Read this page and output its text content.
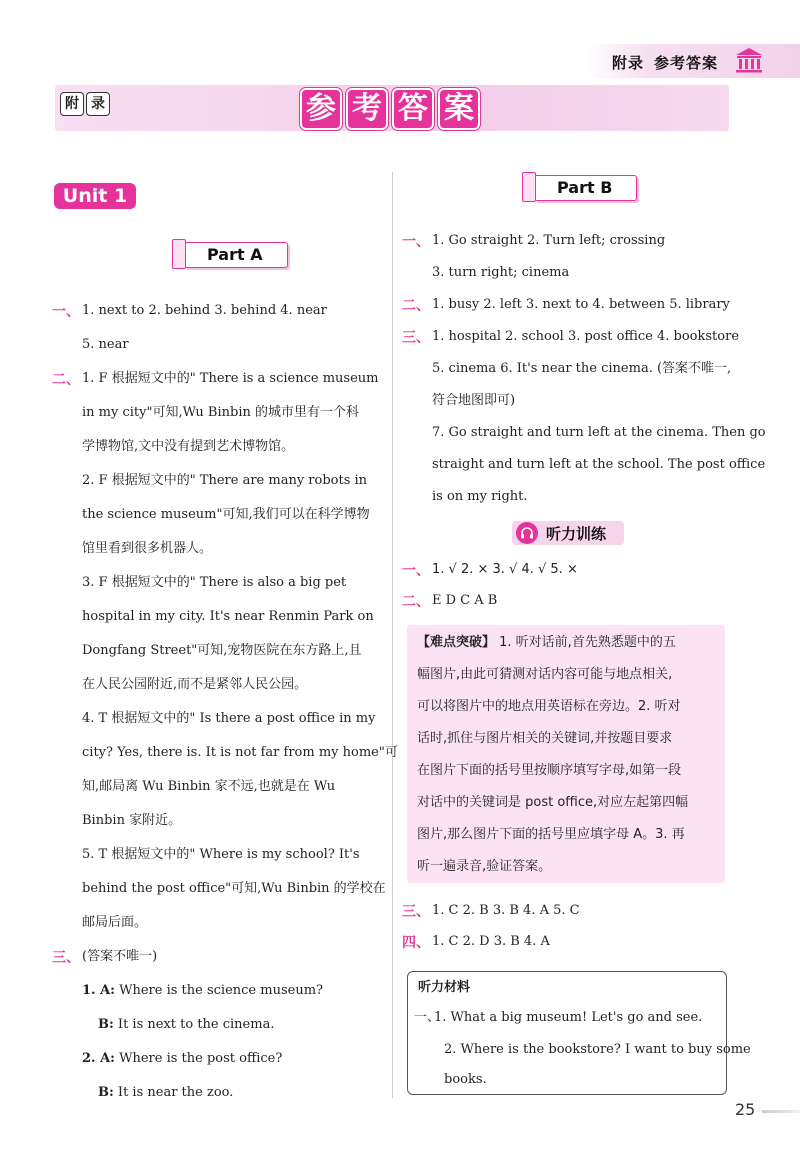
附录 参考答案
附 录	参 考 答 案
Unit 1
Part A
一、 1. next to 2. behind 3. behind 4. near
5. near
二、 1. F 根据短文中的" There is a science museum
in my city"可知,Wu Binbin 的城市里有一个科
学博物馆,文中没有提到艺术博物馆。
2. F 根据短文中的" There are many robots in
the science museum"可知,我们可以在科学博物
馆里看到很多机器人。
3. F 根据短文中的" There is also a big pet
hospital in my city. It's near Renmin Park on
Dongfang Street"可知,宠物医院在东方路上,且
在人民公园附近,而不是紧邻人民公园。
4. T 根据短文中的" Is there a post office in my
city? Yes, there is. It is not far from my home"可
知,邮局离 Wu Binbin 家不远,也就是在 Wu
Binbin 家附近。
5. T 根据短文中的" Where is my school? It's
behind the post office"可知,Wu Binbin 的学校在
邮局后面。
三、 (答案不唯一)
1. A: Where is the science museum?
B: It is next to the cinema.
2. A: Where is the post office?
B: It is near the zoo.
Part B
一、 1. Go straight 2. Turn left; crossing
3. turn right; cinema
二、 1. busy 2. left 3. next to 4. between 5. library
三、 1. hospital 2. school 3. post office 4. bookstore
5. cinema 6. It's near the cinema. (答案不唯一,
符合地图即可)
7. Go straight and turn left at the cinema. Then go
straight and turn left at the school. The post office
is on my right.
听力训练
一、 1. √ 2. × 3. √ 4. √ 5. ×
二、 E D C A B
【难点突破】 1. 听对话前,首先熟悉题中的五
幅图片,由此可猜测对话内容可能与地点相关,
可以将图片中的地点用英语标在旁边。2. 听对
话时,抓住与图片相关的关键词,并按题目要求
在图片下面的括号里按顺序填写字母,如第一段
对话中的关键词是 post office,对应左起第四幅
图片,那么图片下面的括号里应填字母 A。3. 再
听一遍录音,验证答案。
三、 1. C 2. B 3. B 4. A 5. C
四、 1. C 2. D 3. B 4. A
听力材料
一、
1. What a big museum! Let's go and see.
2. Where is the bookstore? I want to buy some
books.
25
